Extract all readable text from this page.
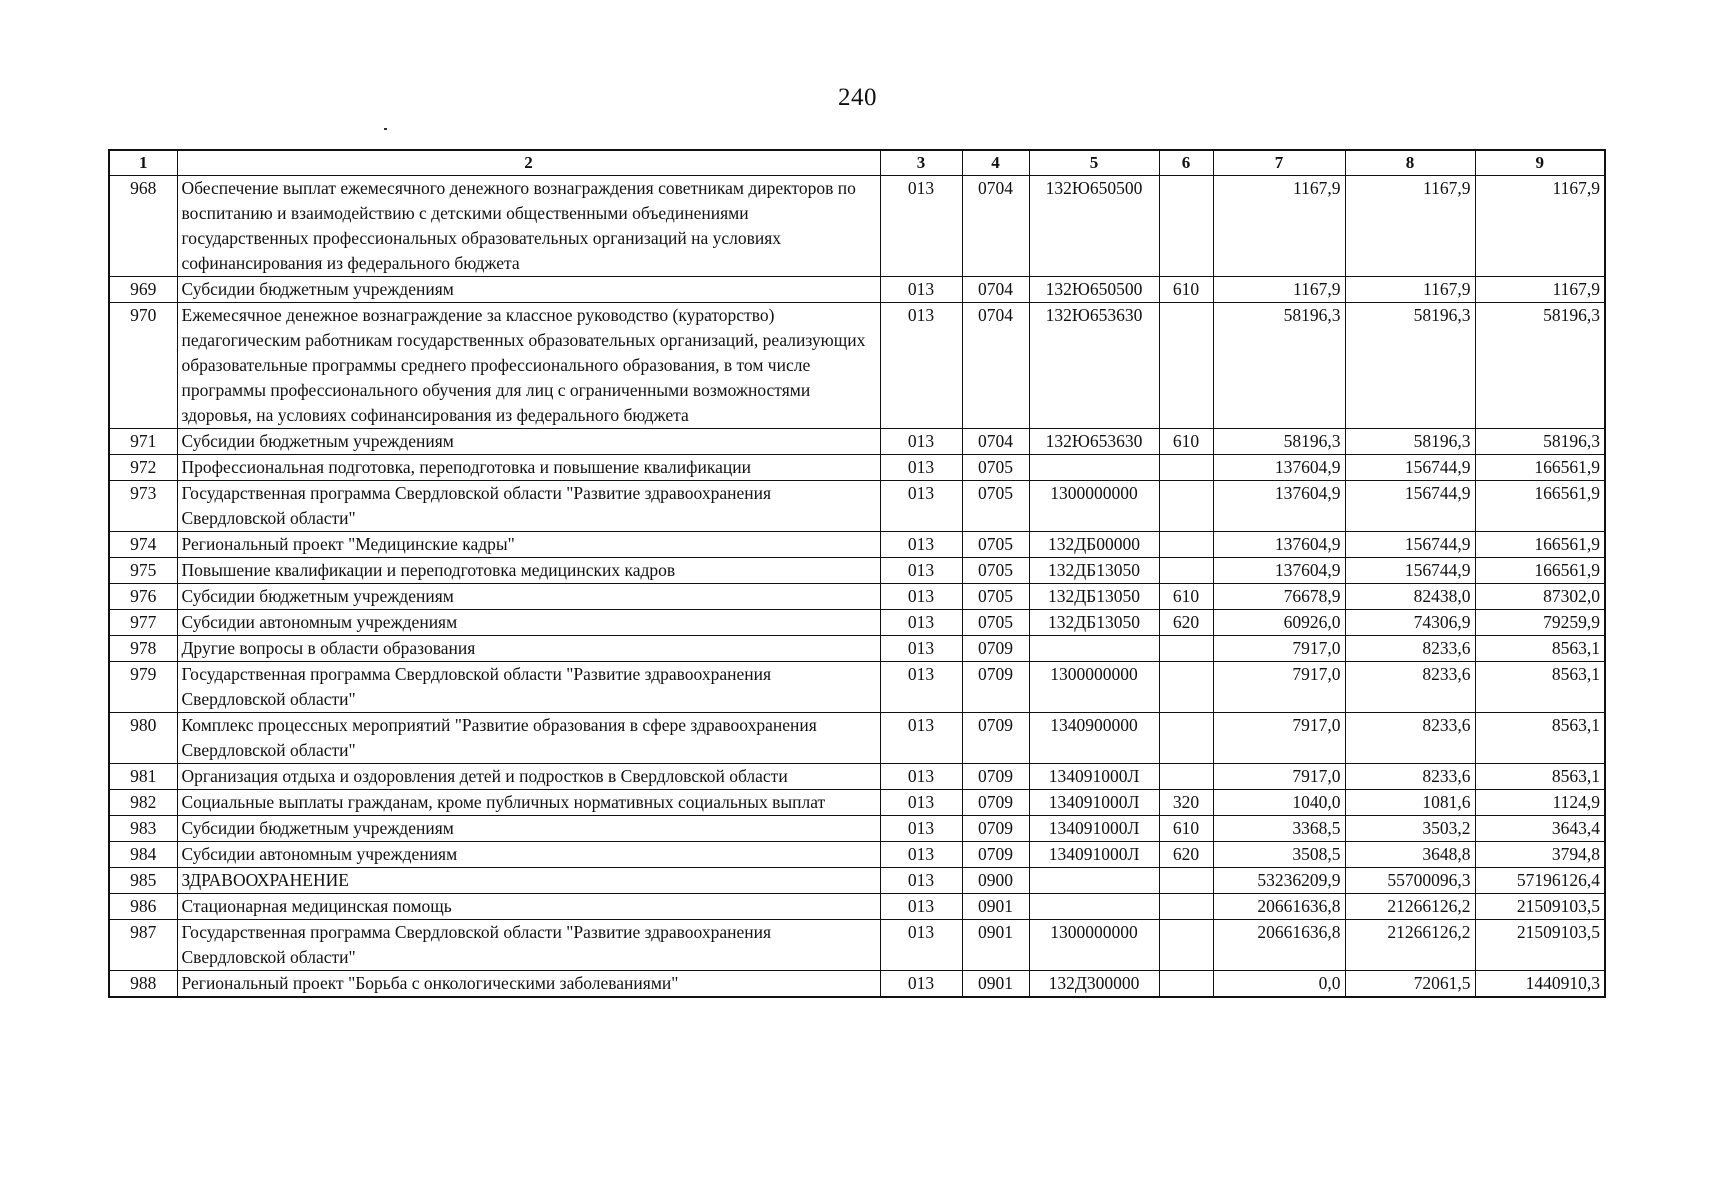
240
1	2	3	4	5	6	7	8	9
968	Обеспечение выплат ежемесячного денежного вознаграждения советникам директоров по воспитанию и взаимодействию с детскими общественными объединениями государственных профессиональных образовательных организаций на условиях софинансирования из федерального бюджета	013	0704	132Ю650500		1167,9	1167,9	1167,9
969	Субсидии бюджетным учреждениям	013	0704	132Ю650500	610	1167,9	1167,9	1167,9
970	Ежемесячное денежное вознаграждение за классное руководство (кураторство) педагогическим работникам государственных образовательных организаций, реализующих образовательные программы среднего профессионального образования, в том числе программы профессионального обучения для лиц с ограниченными возможностями здоровья, на условиях софинансирования из федерального бюджета	013	0704	132Ю653630		58196,3	58196,3	58196,3
971	Субсидии бюджетным учреждениям	013	0704	132Ю653630	610	58196,3	58196,3	58196,3
972	Профессиональная подготовка, переподготовка и повышение квалификации	013	0705			137604,9	156744,9	166561,9
973	Государственная программа Свердловской области "Развитие здравоохранения Свердловской области"	013	0705	1300000000		137604,9	156744,9	166561,9
974	Региональный проект "Медицинские кадры"	013	0705	132ДБ00000		137604,9	156744,9	166561,9
975	Повышение квалификации и переподготовка медицинских кадров	013	0705	132ДБ13050		137604,9	156744,9	166561,9
976	Субсидии бюджетным учреждениям	013	0705	132ДБ13050	610	76678,9	82438,0	87302,0
977	Субсидии автономным учреждениям	013	0705	132ДБ13050	620	60926,0	74306,9	79259,9
978	Другие вопросы в области образования	013	0709			7917,0	8233,6	8563,1
979	Государственная программа Свердловской области "Развитие здравоохранения Свердловской области"	013	0709	1300000000		7917,0	8233,6	8563,1
980	Комплекс процессных мероприятий "Развитие образования в сфере здравоохранения Свердловской области"	013	0709	1340900000		7917,0	8233,6	8563,1
981	Организация отдыха и оздоровления детей и подростков в Свердловской области	013	0709	134091000Л		7917,0	8233,6	8563,1
982	Социальные выплаты гражданам, кроме публичных нормативных социальных выплат	013	0709	134091000Л	320	1040,0	1081,6	1124,9
983	Субсидии бюджетным учреждениям	013	0709	134091000Л	610	3368,5	3503,2	3643,4
984	Субсидии автономным учреждениям	013	0709	134091000Л	620	3508,5	3648,8	3794,8
985	ЗДРАВООХРАНЕНИЕ	013	0900			53236209,9	55700096,3	57196126,4
986	Стационарная медицинская помощь	013	0901			20661636,8	21266126,2	21509103,5
987	Государственная программа Свердловской области "Развитие здравоохранения Свердловской области"	013	0901	1300000000		20661636,8	21266126,2	21509103,5
988	Региональный проект "Борьба с онкологическими заболеваниями"	013	0901	132Д300000		0,0	72061,5	1440910,3
